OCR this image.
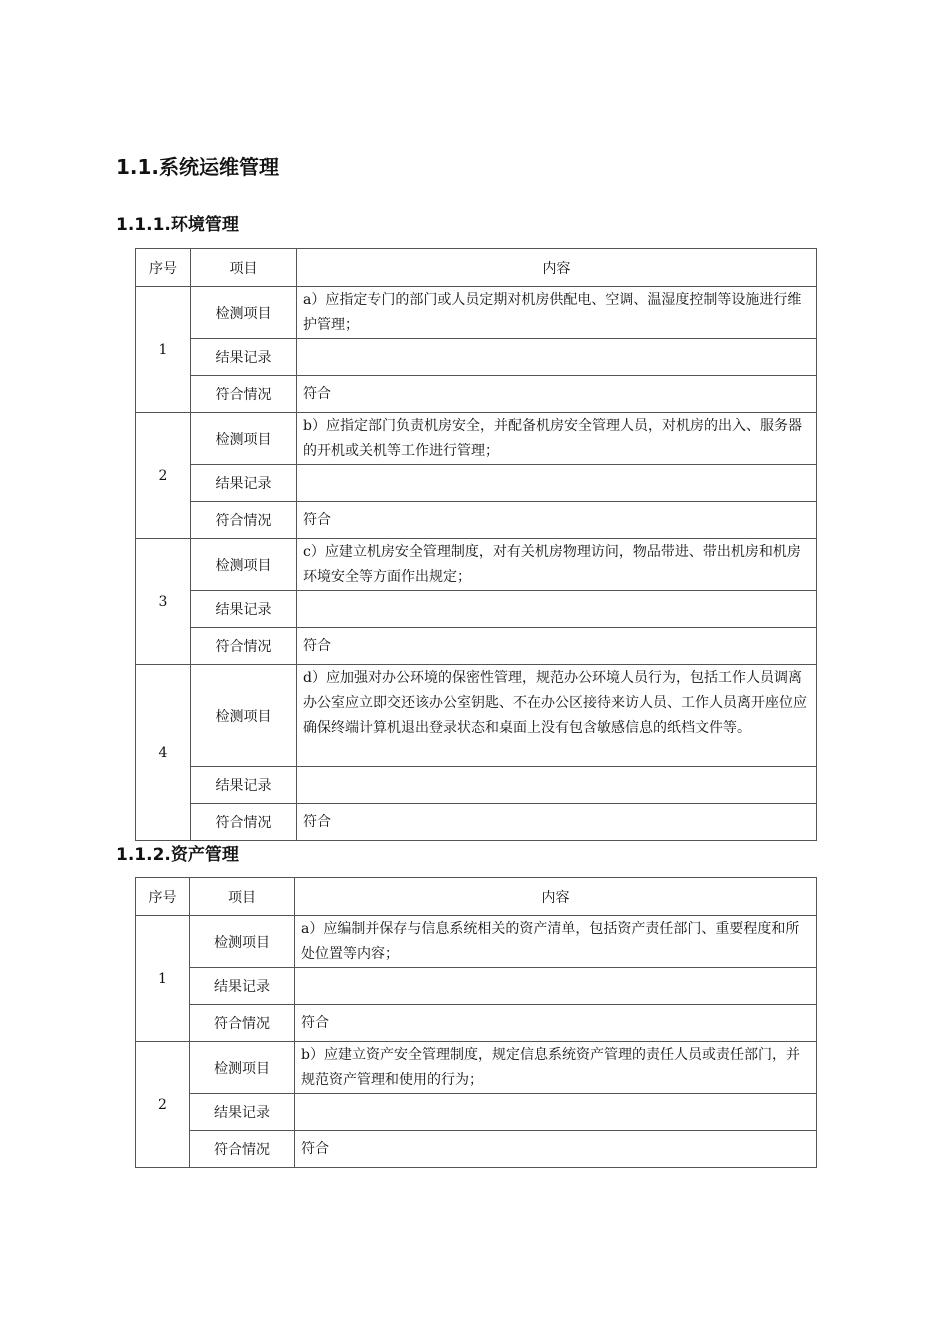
1.1.系统运维管理
1.1.1.环境管理
序号	项目	内容
1	检测项目	a）应指定专门的部门或人员定期对机房供配电、空调、温湿度控制等设施进行维护管理；
	结果记录	
	符合情况	符合
2	检测项目	b）应指定部门负责机房安全，并配备机房安全管理人员，对机房的出入、服务器的开机或关机等工作进行管理；
	结果记录	
	符合情况	符合
3	检测项目	c）应建立机房安全管理制度，对有关机房物理访问，物品带进、带出机房和机房环境安全等方面作出规定；
	结果记录	
	符合情况	符合
4	检测项目	d）应加强对办公环境的保密性管理，规范办公环境人员行为，包括工作人员调离办公室应立即交还该办公室钥匙、不在办公区接待来访人员、工作人员离开座位应确保终端计算机退出登录状态和桌面上没有包含敏感信息的纸档文件等。
	结果记录	
	符合情况	符合
1.1.2.资产管理
序号	项目	内容
1	检测项目	a）应编制并保存与信息系统相关的资产清单，包括资产责任部门、重要程度和所处位置等内容；
	结果记录	
	符合情况	符合
2	检测项目	b）应建立资产安全管理制度，规定信息系统资产管理的责任人员或责任部门，并规范资产管理和使用的行为；
	结果记录	
	符合情况	符合
